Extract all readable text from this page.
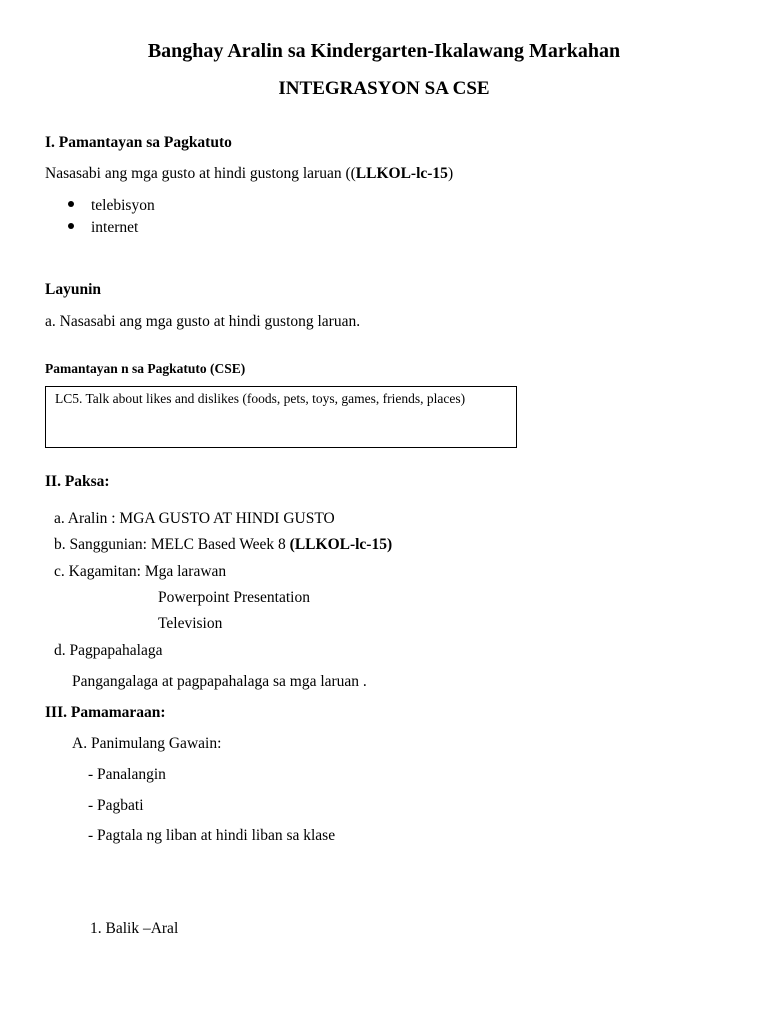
Banghay Aralin sa Kindergarten-Ikalawang Markahan
INTEGRASYON SA CSE
I. Pamantayan sa Pagkatuto
Nasasabi ang mga gusto at hindi gustong laruan ((LLKOL-lc-15)
telebisyon
internet
Layunin
a. Nasasabi ang mga gusto at hindi gustong laruan.
Pamantayan n sa Pagkatuto (CSE)
LC5. Talk about likes and dislikes (foods, pets, toys, games, friends, places)
II. Paksa:
a. Aralin : MGA GUSTO AT HINDI GUSTO
b. Sanggunian: MELC Based Week 8 (LLKOL-lc-15)
c. Kagamitan: Mga larawan
Powerpoint Presentation
Television
d. Pagpapahalaga
Pangangalaga at pagpapahalaga sa mga laruan .
III. Pamamaraan:
A. Panimulang Gawain:
- Panalangin
- Pagbati
- Pagtala ng liban at hindi liban sa klase
1. Balik –Aral
